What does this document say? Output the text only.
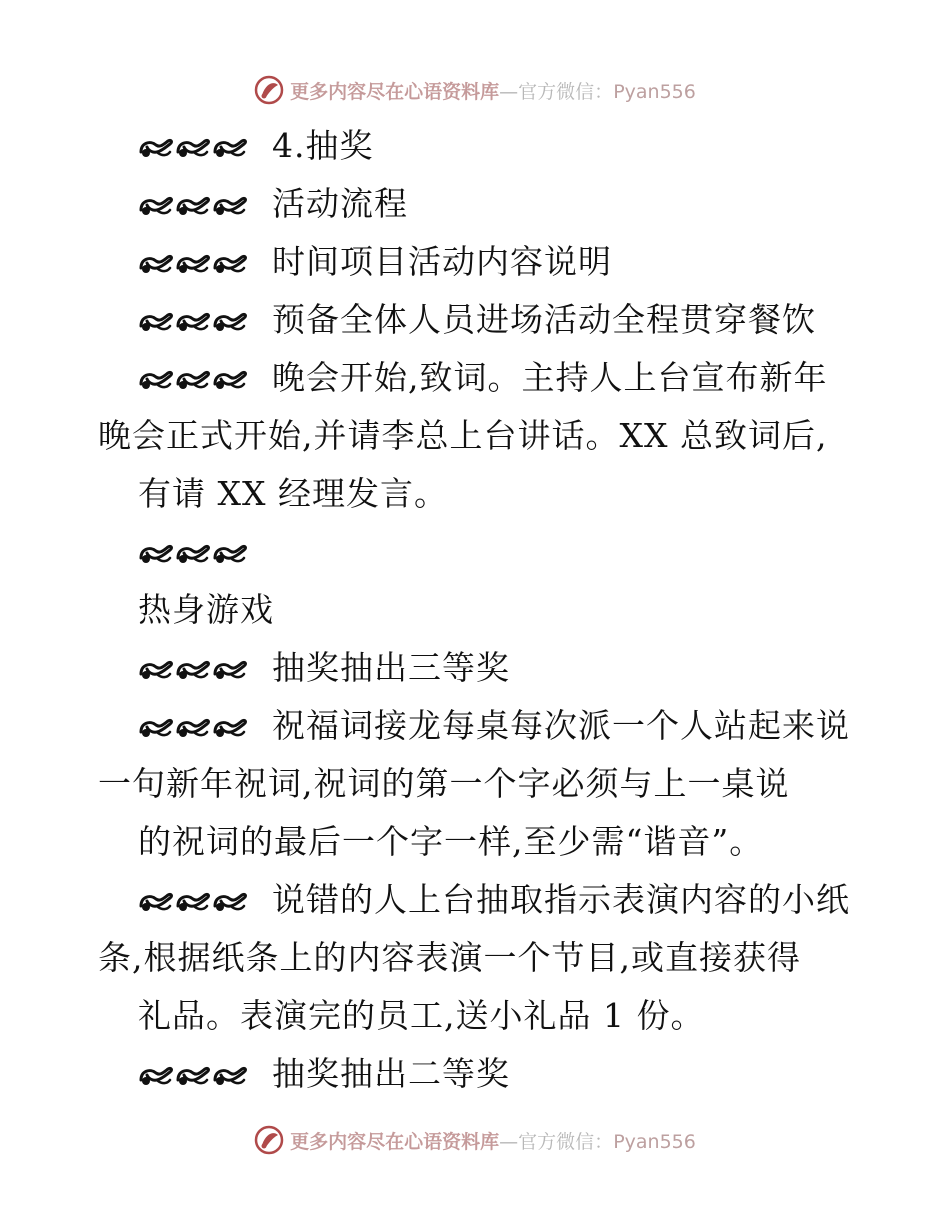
更多内容尽在心语资料库—官方微信：Pyan556
4.抽奖
活动流程
时间项目活动内容说明
预备全体人员进场活动全程贯穿餐饮
晚会开始,致词。主持人上台宣布新年
晚会正式开始,并请李总上台讲话。XX 总致词后,
有请 XX 经理发言。
热身游戏
抽奖抽出三等奖
祝福词接龙每桌每次派一个人站起来说
一句新年祝词,祝词的第一个字必须与上一桌说
的祝词的最后一个字一样,至少需“谐音”。
说错的人上台抽取指示表演内容的小纸
条,根据纸条上的内容表演一个节目,或直接获得
礼品。表演完的员工,送小礼品 1 份。
抽奖抽出二等奖
更多内容尽在心语资料库—官方微信：Pyan556
